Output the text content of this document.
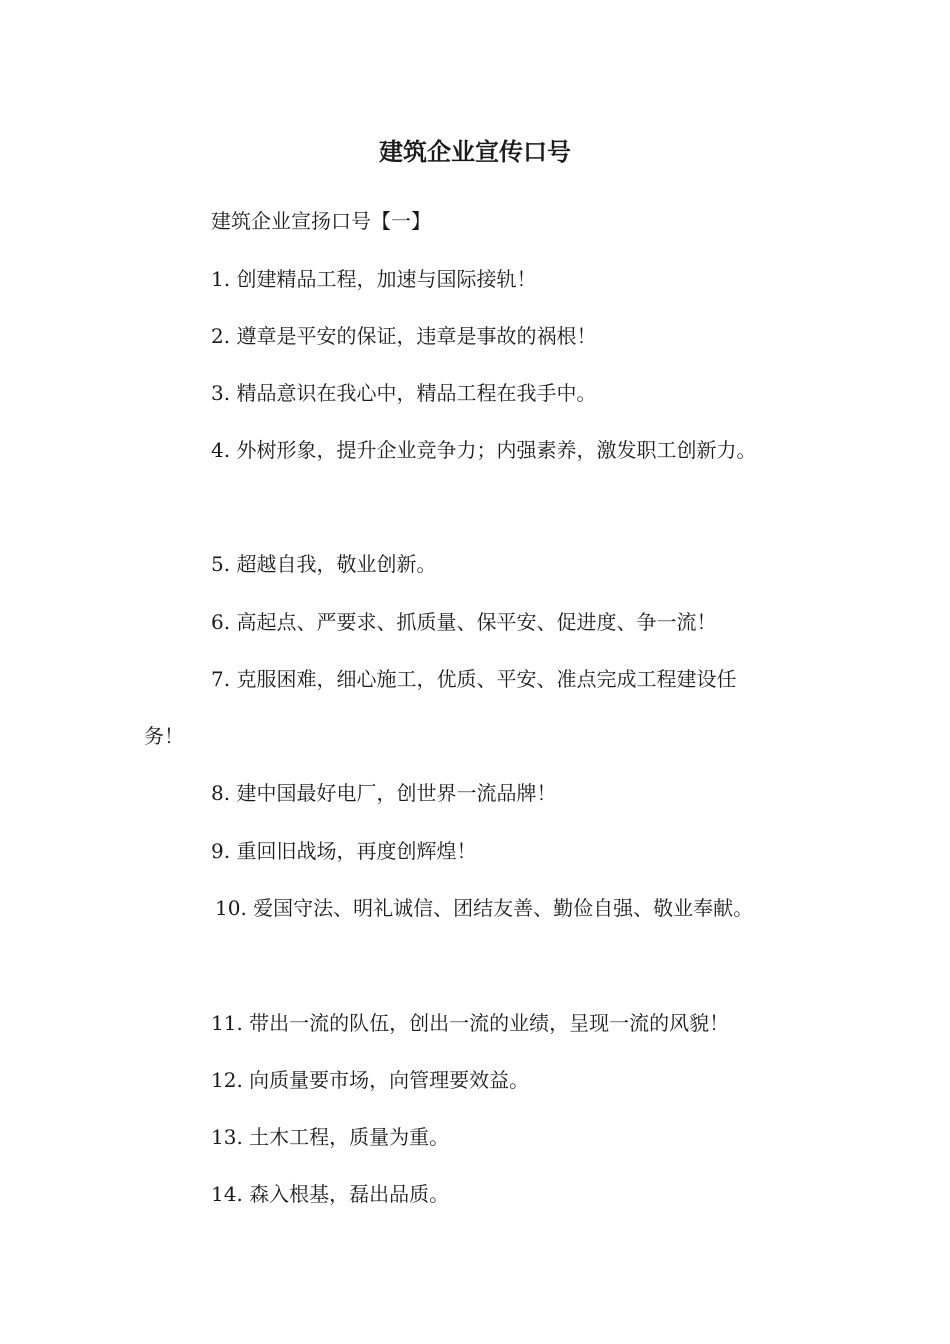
建筑企业宣传口号
建筑企业宣扬口号【一】
1. 创建精品工程，加速与国际接轨！
2. 遵章是平安的保证，违章是事故的祸根！
3. 精品意识在我心中，精品工程在我手中。
4. 外树形象，提升企业竞争力；内强素养，激发职工创新力。
5. 超越自我，敬业创新。
6. 高起点、严要求、抓质量、保平安、促进度、争一流！
7. 克服困难，细心施工，优质、平安、准点完成工程建设任
务！
8. 建中国最好电厂，创世界一流品牌！
9. 重回旧战场，再度创辉煌！
10. 爱国守法、明礼诚信、团结友善、勤俭自强、敬业奉献。
11. 带出一流的队伍，创出一流的业绩，呈现一流的风貌！
12. 向质量要市场，向管理要效益。
13. 土木工程，质量为重。
14. 森入根基，磊出品质。
